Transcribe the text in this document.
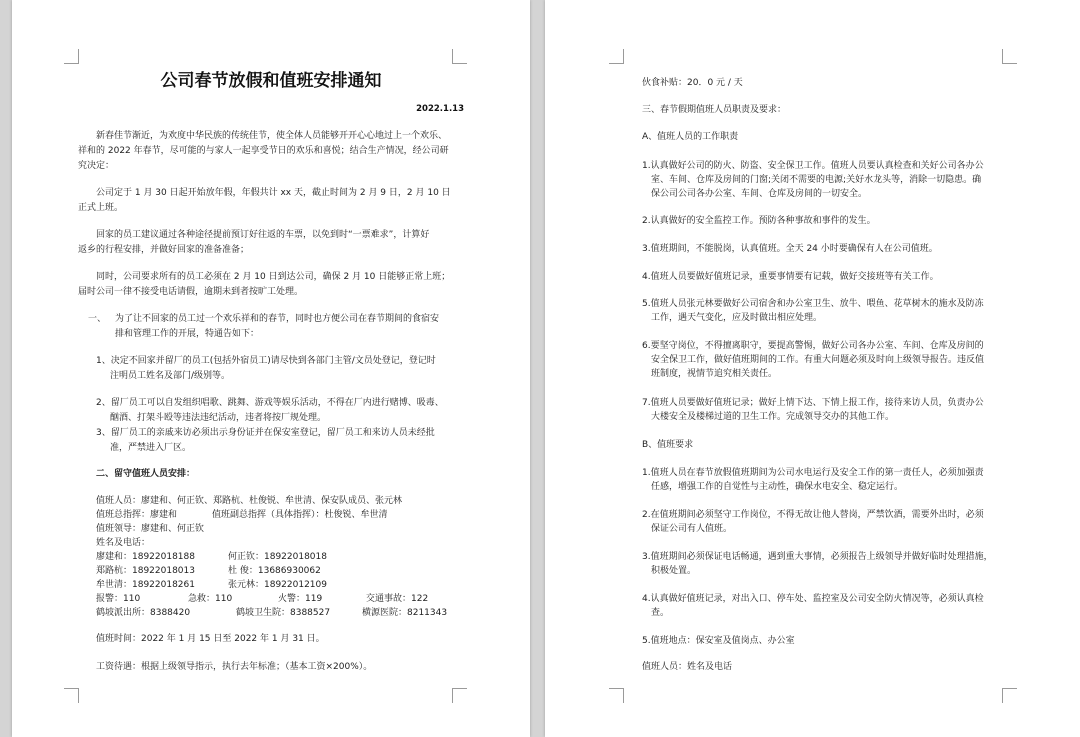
公司春节放假和值班安排通知
2022.1.13
新春佳节渐近，为欢度中华民族的传统佳节，使全体人员能够开开心心地过上一个欢乐、
祥和的 2022 年春节，尽可能的与家人一起享受节日的欢乐和喜悦；结合生产情况，经公司研
究决定：
公司定于 1 月 30 日起开始放年假，年假共计 xx 天，截止时间为 2 月 9 日，2 月 10 日
正式上班。
回家的员工建议通过各种途径提前预订好往返的车票，以免到时“一票难求”，计算好
返乡的行程安排，并做好回家的准备准备；
同时，公司要求所有的员工必须在 2 月 10 日到达公司，确保 2 月 10 日能够正常上班；
届时公司一律不接受电话请假，逾期未到者按旷工处理。
一、 为了让不回家的员工过一个欢乐祥和的春节，同时也方便公司在春节期间的食宿安
排和管理工作的开展，特通告如下：
1、决定不回家并留厂的员工(包括外宿员工)请尽快到各部门主管/文员处登记，登记时
注明员工姓名及部门/级别等。
2、留厂员工可以自发组织唱歌、跳舞、游戏等娱乐活动，不得在厂内进行赌博、吸毒、
酗酒、打架斗殴等违法违纪活动，违者将按厂规处理。
3、留厂员工的亲戚来访必须出示身份证并在保安室登记，留厂员工和来访人员未经批
准，严禁进入厂区。
二、留守值班人员安排：
值班人员：廖建和、何正钦、郑路杭、杜俊锐、牟世清、保安队成员、张元林
值班总指挥：廖建和	值班副总指挥（具体指挥）：杜俊锐、牟世清
值班领导：廖建和、何正钦
姓名及电话：
廖建和：18922018188	何正钦：18922018018
郑路杭：18922018013	杜 俊：13686930062
牟世清：18922018261	张元林：18922012109
报警：110	急救：110	火警：119	交通事故：122
鹤坡派出所：8388420	鹤坡卫生院：8388527	横源医院：8211343
值班时间：2022 年 1 月 15 日至 2022 年 1 月 31 日。
工资待遇：根据上级领导指示，执行去年标准；（基本工资×200%）。
伙食补贴：20．0 元 / 天
三、春节假期值班人员职责及要求：
A、值班人员的工作职责
1.认真做好公司的防火、防盗、安全保卫工作。值班人员要认真检查和关好公司各办公
室、车间、仓库及房间的门窗;关闭不需要的电源;关好水龙头等，消除一切隐患。确
保公司公司各办公室、车间、仓库及房间的一切安全。
2.认真做好的安全监控工作。预防各种事故和事件的发生。
3.值班期间，不能脱岗，认真值班。全天 24 小时要确保有人在公司值班。
4.值班人员要做好值班记录，重要事情要有记载，做好交接班等有关工作。
5.值班人员张元林要做好公司宿舍和办公室卫生、放牛、喂鱼、花草树木的施水及防冻
工作，遇天气变化，应及时做出相应处理。
6.要坚守岗位，不得擅离职守，要提高警惕，做好公司各办公室、车间、仓库及房间的
安全保卫工作，做好值班期间的工作。有重大问题必须及时向上级领导报告。违反值
班制度，视情节追究相关责任。
7.值班人员要做好值班记录；做好上情下达、下情上报工作，接待来访人员，负责办公
大楼安全及楼梯过道的卫生工作。完成领导交办的其他工作。
B、值班要求
1.值班人员在春节放假值班期间为公司水电运行及安全工作的第一责任人，必须加强责
任感，增强工作的自觉性与主动性，确保水电安全、稳定运行。
2.在值班期间必须坚守工作岗位，不得无故让他人替岗，严禁饮酒，需要外出时，必须
保证公司有人值班。
3.值班期间必须保证电话畅通，遇到重大事情，必须报告上级领导并做好临时处理措施，
积极处置。
4.认真做好值班记录，对出入口、停车处、监控室及公司安全防火情况等，必须认真检
查。
5.值班地点：保安室及值岗点、办公室
值班人员：姓名及电话
